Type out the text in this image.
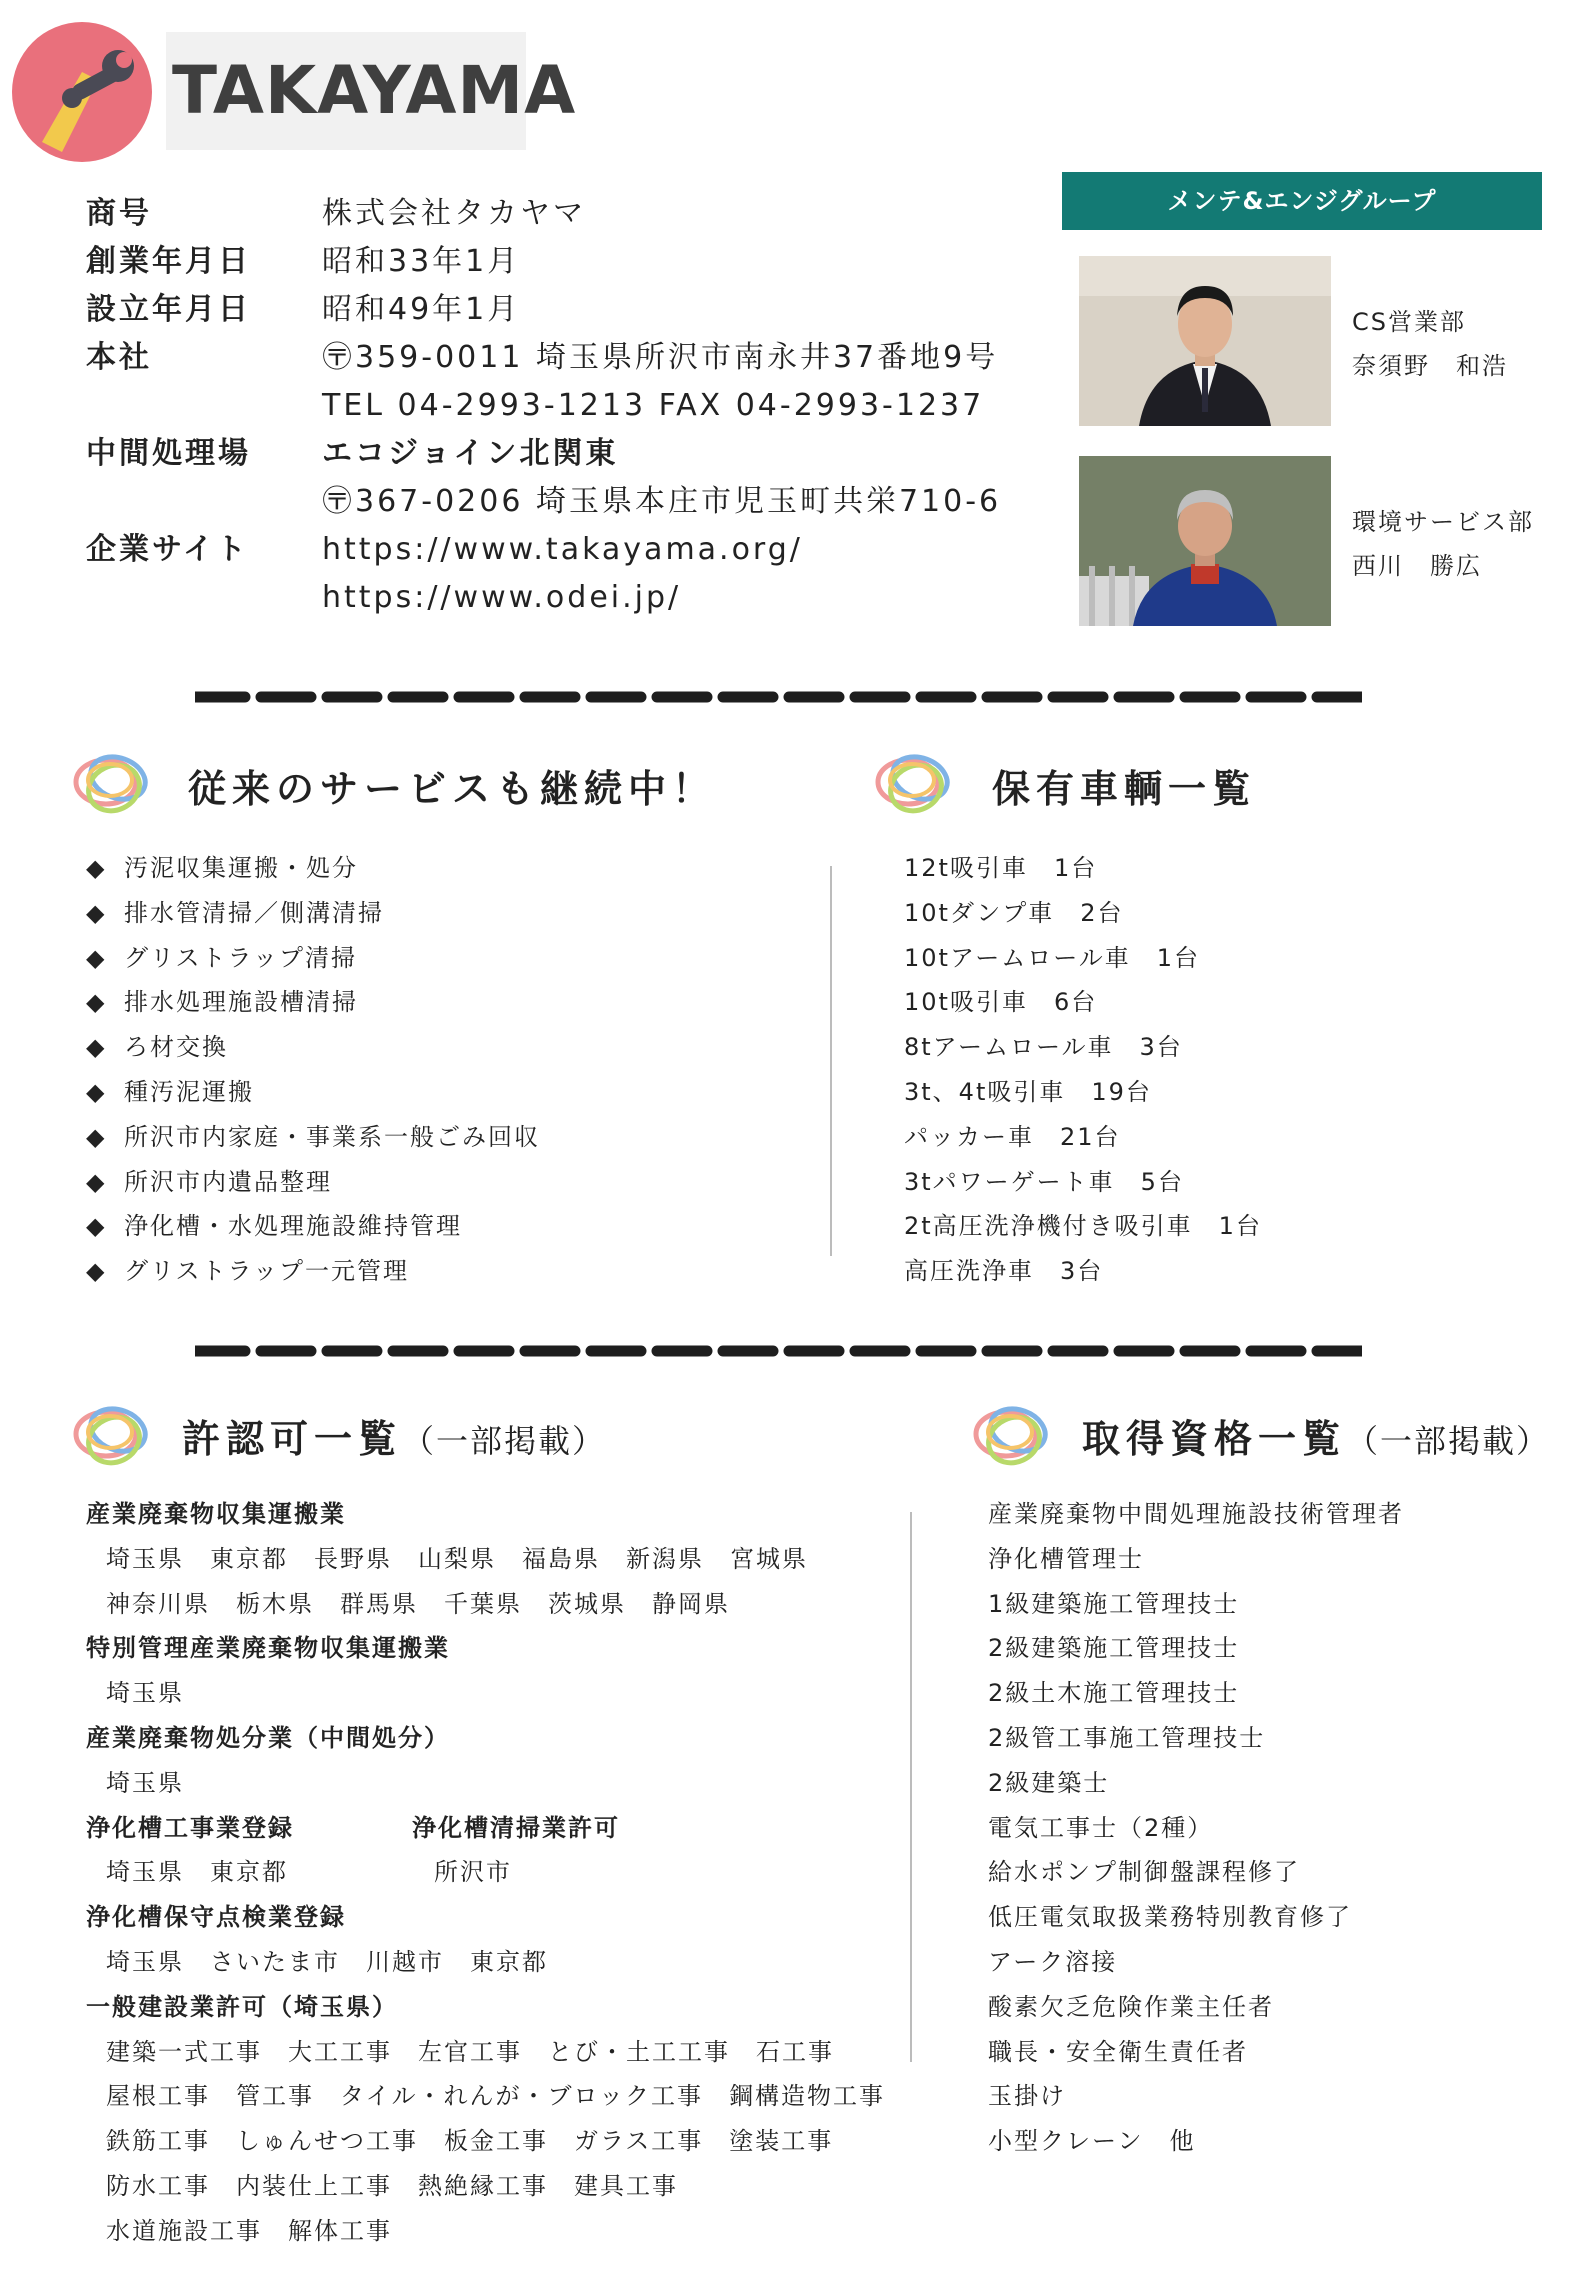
TAKAYAMA
商号	株式会社タカヤマ
創業年月日 昭和33年1月
設立年月日 昭和49年1月
本社	〶359-0011 埼玉県所沢市南永井37番地9号
TEL 04-2993-1213 FAX 04-2993-1237
中間処理場 エコジョイン北関東
〶367-0206 埼玉県本庄市児玉町共栄710-6
企業サイト https://www.takayama.org/
https://www.odei.jp/
メンテ&エンジグループ
CS営業部
奈須野　和浩
環境サービス部
西川　勝広
従来のサービスも継続中！
◆ 汚泥収集運搬・処分
◆ 排水管清掃／側溝清掃
◆ グリストラップ清掃
◆ 排水処理施設槽清掃
◆ ろ材交換
◆ 種汚泥運搬
◆ 所沢市内家庭・事業系一般ごみ回収
◆ 所沢市内遺品整理
◆ 浄化槽・水処理施設維持管理
◆ グリストラップ一元管理
保有車輌一覧
12t吸引車　1台
10tダンプ車　2台
10tアームロール車　1台
10t吸引車　6台
8tアームロール車　3台
3t、4t吸引車　19台
パッカー車　21台
3tパワーゲート車　5台
2t高圧洗浄機付き吸引車　1台
高圧洗浄車　3台
許認可一覧（一部掲載）
産業廃棄物収集運搬業
埼玉県　東京都　長野県　山梨県　福島県　新潟県　宮城県
神奈川県　栃木県　群馬県　千葉県　茨城県　静岡県
特別管理産業廃棄物収集運搬業
埼玉県
産業廃棄物処分業（中間処分）
埼玉県
浄化槽工事業登録	浄化槽清掃業許可
埼玉県　東京都	所沢市
浄化槽保守点検業登録
埼玉県　さいたま市　川越市　東京都
一般建設業許可（埼玉県）
建築一式工事　大工工事　左官工事　とび・土工工事　石工事
屋根工事　管工事　タイル・れんが・ブロック工事　鋼構造物工事
鉄筋工事　しゅんせつ工事　板金工事　ガラス工事　塗装工事
防水工事　内装仕上工事　熱絶縁工事　建具工事
水道施設工事　解体工事
取得資格一覧（一部掲載）
産業廃棄物中間処理施設技術管理者
浄化槽管理士
1級建築施工管理技士
2級建築施工管理技士
2級土木施工管理技士
2級管工事施工管理技士
2級建築士
電気工事士（2種）
給水ポンプ制御盤課程修了
低圧電気取扱業務特別教育修了
アーク溶接
酸素欠乏危険作業主任者
職長・安全衛生責任者
玉掛け
小型クレーン　他
